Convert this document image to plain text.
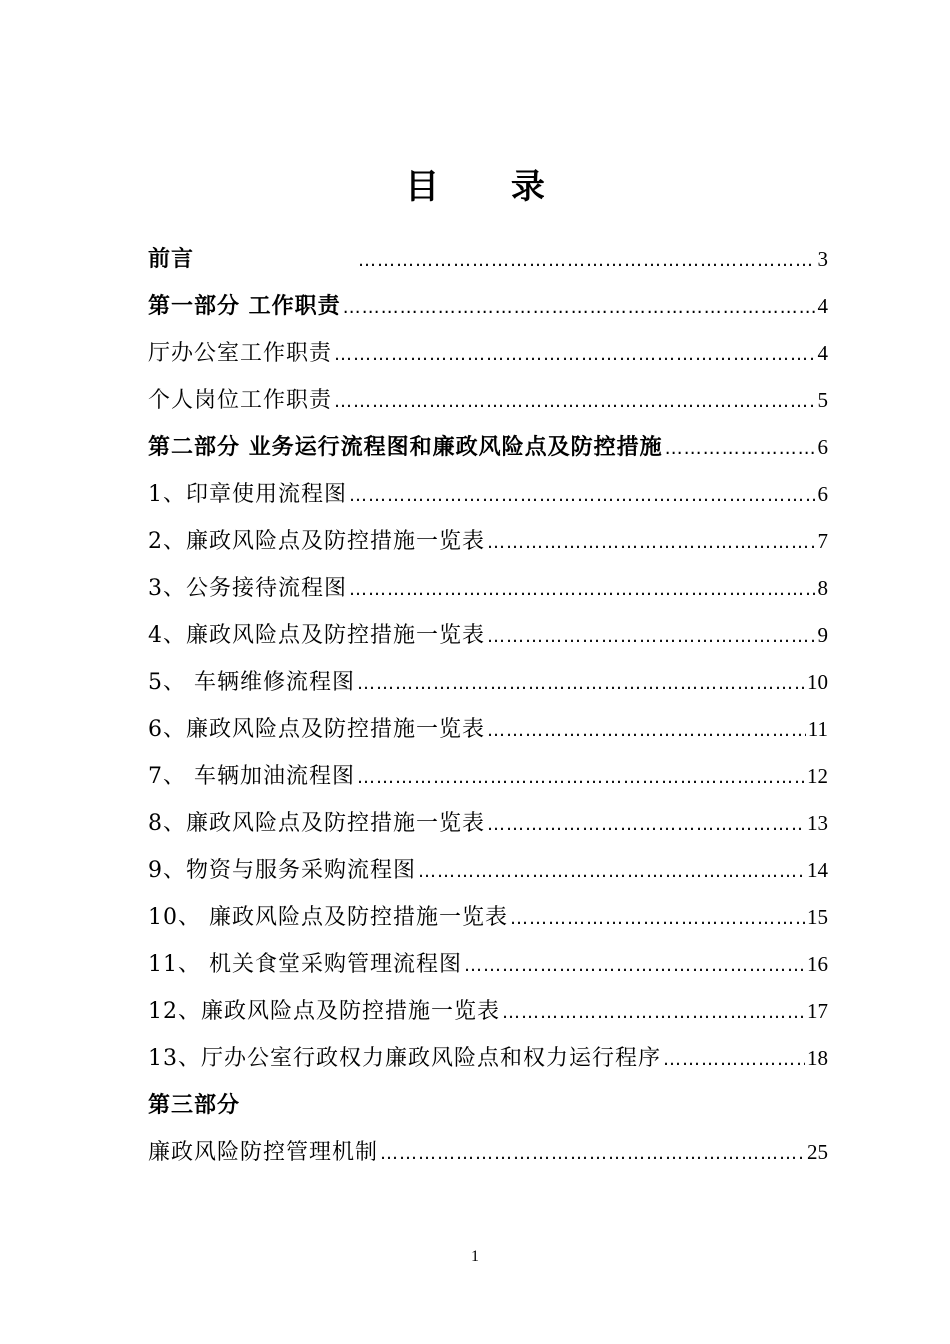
目 录
前言 …………………………………………………………………………………………………………………………………………………………	3
第一部分 工作职责 …………………………………………………………………………………………………………………………………………………………	4
厅办公室工作职责 …………………………………………………………………………………………………………………………………………………………	4
个人岗位工作职责 …………………………………………………………………………………………………………………………………………………………	5
第二部分 业务运行流程图和廉政风险点及防控措施 …………………………………………………………………………………………………………………………………………………………	6
1、印章使用流程图 …………………………………………………………………………………………………………………………………………………………	6
2、廉政风险点及防控措施一览表 …………………………………………………………………………………………………………………………………………………………	7
3、公务接待流程图 …………………………………………………………………………………………………………………………………………………………	8
4、廉政风险点及防控措施一览表 …………………………………………………………………………………………………………………………………………………………	9
5、 车辆维修流程图 …………………………………………………………………………………………………………………………………………………………	10
6、廉政风险点及防控措施一览表 …………………………………………………………………………………………………………………………………………………………	11
7、 车辆加油流程图 …………………………………………………………………………………………………………………………………………………………	12
8、廉政风险点及防控措施一览表 …………………………………………………………………………………………………………………………………………………………	13
9、物资与服务采购流程图 …………………………………………………………………………………………………………………………………………………………	14
10、 廉政风险点及防控措施一览表 …………………………………………………………………………………………………………………………………………………………	15
11、 机关食堂采购管理流程图 …………………………………………………………………………………………………………………………………………………………	16
12、廉政风险点及防控措施一览表 …………………………………………………………………………………………………………………………………………………………	17
13、厅办公室行政权力廉政风险点和权力运行程序 …………………………………………………………………………………………………………………………………………………………	18
第三部分
廉政风险防控管理机制 …………………………………………………………………………………………………………………………………………………………	25
1
